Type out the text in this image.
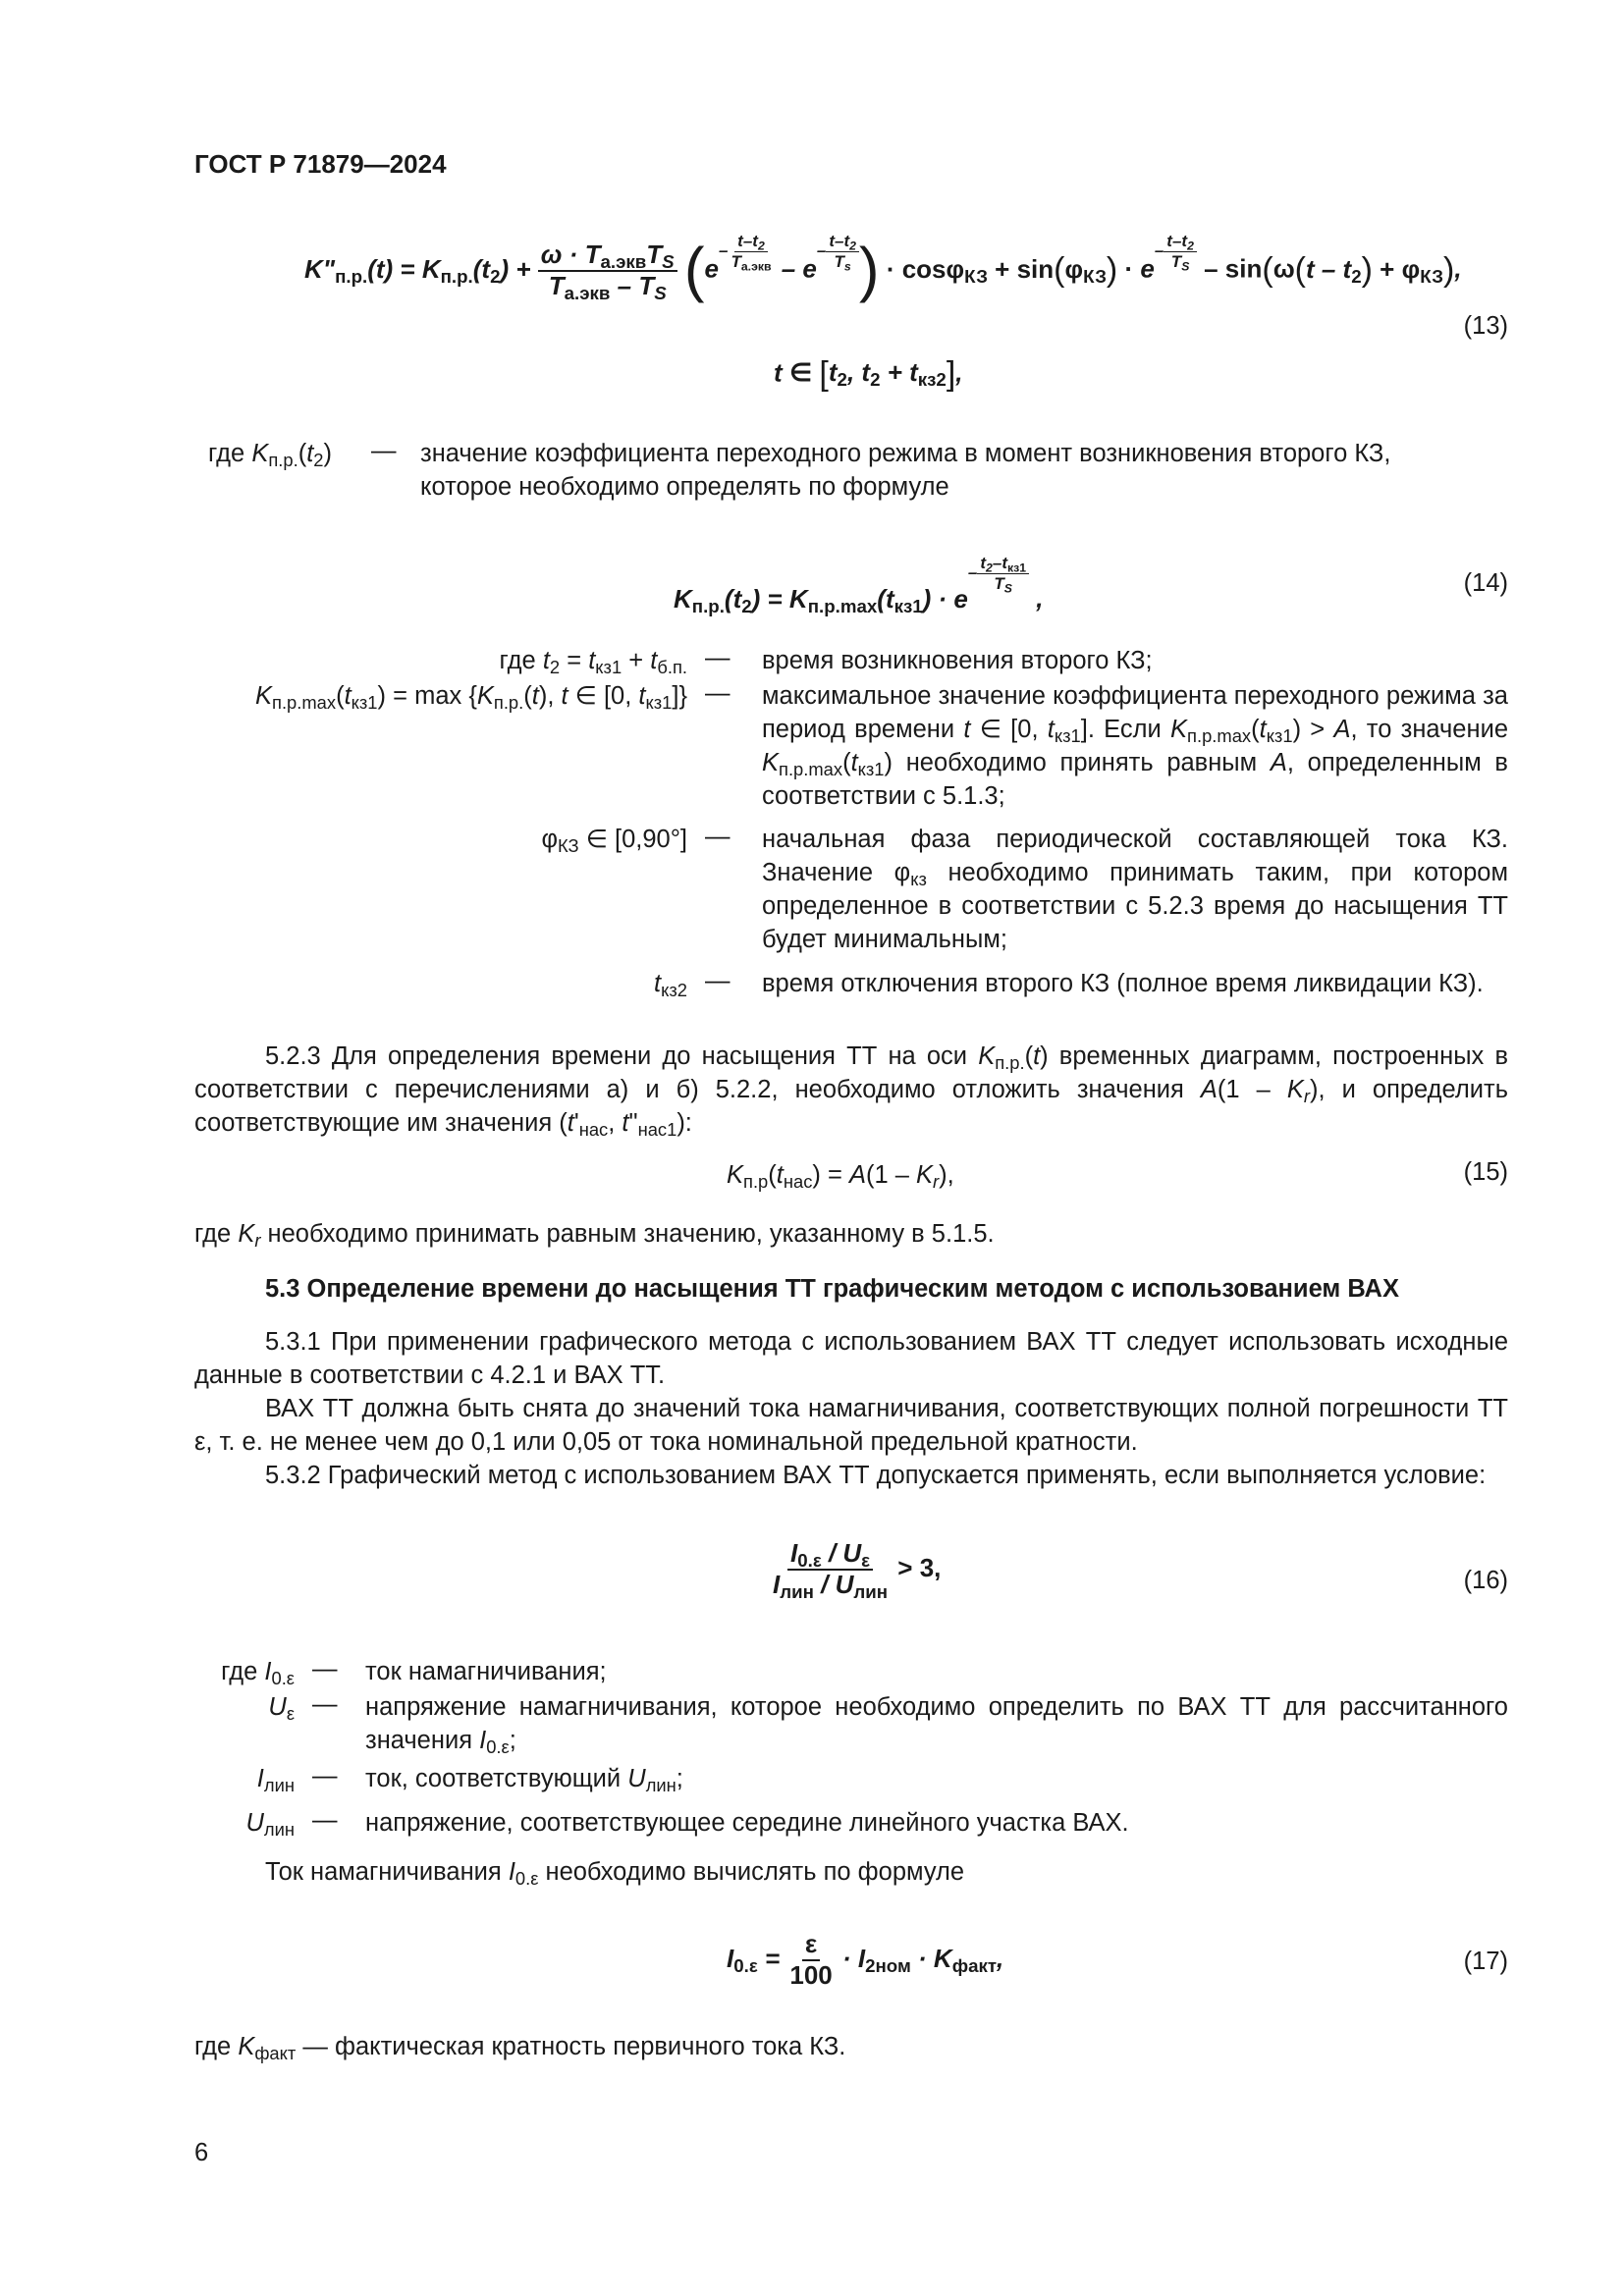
ГОСТ Р 71879—2024
$K"_{п.р.}(t) = K_{п.р.}(t_2) + \frac{\omega \cdot T_{а.экв}T_S}{T_{а.экв} - T_S} (e- \frac{t-t_2}{T_{а.экв}} - e- \frac{t-t_2}{T_s}$ ) · $\cos\varphi_{КЗ} + \sin(\varphi_{КЗ}) \cdot e- \frac{t-t_2}{T_S} - \sin(\omega(t - t_2) + \varphi_{КЗ})$,
t ∈ [$t_2$, $t_2 + t_{кз2}$],
(13)
где $K_{п.р.}(t_2)$ — значение коэффициента переходного режима в момент возникновения второго КЗ,
которое необходимо определять по формуле
$K_{п.р.}(t_2) = K_{п.р.max}(t_{кз1}) \cdot e- \frac{t_2-t_{кз1}}{T_S}$
,
(14)
где $t_2 = t_{кз1} + t_{б.п.}$ — время возникновения второго КЗ;
$K_{п.р.max}(t_{кз1}) = \max \{K_{п.р.}(t)$, t ∈ [0, $t_{кз1}$]} — максимальное значение коэффициента переходного режима за период времени t ∈ [0, $t_{кз1}$]. Если $K_{п.р.max}(t_{кз1}) > A$, то значение $K_{п.р.max}(t_{кз1})$ необходимо принять равным A, определенным в соответствии с 5.1.3;
$\varphi_{КЗ}$ ∈ [0,90°] — начальная фаза периодической составляющей тока КЗ. Значение $\varphi_{кз}$ необходимо принимать таким, при котором определенное в соответствии с 5.2.3 время до насыщения ТТ будет минимальным;
$t_{кз2}$ — время отключения второго КЗ (полное время ликвидации КЗ).
5.2.3 Для определения времени до насыщения ТТ на оси $K_{п.р.}(t)$ временных диаграмм, построенных в соответствии с перечислениями а) и б) 5.2.2, необходимо отложить значения $A(1 - K_r)$, и определить соответствующие им значения ($t'_{нас}$, $t"_{нас1}$):
$K_{п.р}(t_{нас}) = A(1 - K_r)$,	(15)
где $K_r$ необходимо принимать равным значению, указанному в 5.1.5.
5.3 Определение времени до насыщения ТТ графическим методом с использованием ВАХ
5.3.1 При применении графического метода с использованием ВАХ ТТ следует использовать исходные данные в соответствии с 4.2.1 и ВАХ ТТ.
ВАХ ТТ должна быть снята до значений тока намагничивания, соответствующих полной погрешности ТТ ε, т. е. не менее чем до 0,1 или 0,05 от тока номинальной предельной кратности.
5.3.2 Графический метод с использованием ВАХ ТТ допускается применять, если выполняется условие:
$\frac{I_{0.\varepsilon} / U_\varepsilon}{I_{лин} / U_{лин}} > 3$,	(16)
где $I_{0.\varepsilon}$ — ток намагничивания;
$U_\varepsilon$ — напряжение намагничивания, которое необходимо определить по ВАХ ТТ для рассчитанного значения $I_{0.\varepsilon}$;
$I_{лин}$ — ток, соответствующий $U_{лин}$;
$U_{лин}$ — напряжение, соответствующее середине линейного участка ВАХ.
Ток намагничивания $I_{0.\varepsilon}$ необходимо вычислять по формуле
$I_{0.\varepsilon} = \frac{\varepsilon}{100} \cdot I_{2ном} \cdot K_{факт}$,	(17)
где $K_{факт}$ — фактическая кратность первичного тока КЗ.
6
